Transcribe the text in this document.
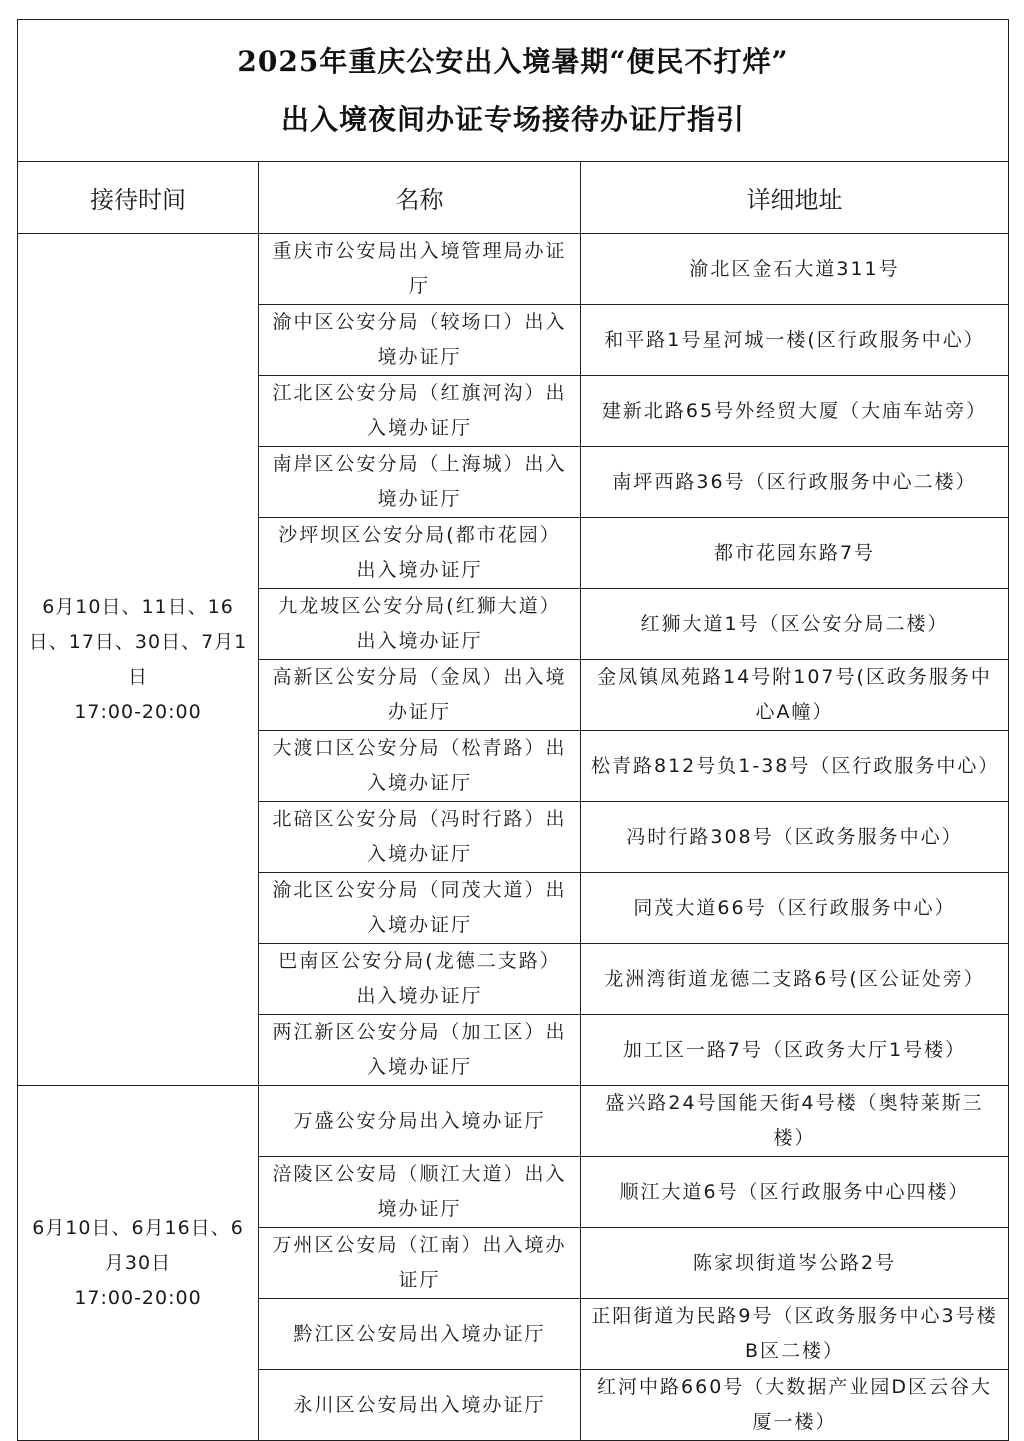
2025年重庆公安出入境暑期“便民不打烊”
出入境夜间办证专场接待办证厅指引		

接待时间	名称	详细地址

6月10日、11日、16日、17日、30日、7月1日
17:00-20:00	重庆市公安局出入境管理局办证厅	渝北区金石大道311号
	渝中区公安分局（较场口）出入境办证厅	和平路1号星河城一楼(区行政服务中心）
	江北区公安分局（红旗河沟）出入境办证厅	建新北路65号外经贸大厦（大庙车站旁）
	南岸区公安分局（上海城）出入境办证厅	南坪西路36号（区行政服务中心二楼）
	沙坪坝区公安分局(都市花园）出入境办证厅	都市花园东路7号
	九龙坡区公安分局(红狮大道）出入境办证厅	红狮大道1号（区公安分局二楼）
	高新区公安分局（金凤）出入境办证厅	金凤镇凤苑路14号附107号(区政务服务中心A幢）
	大渡口区公安分局（松青路）出入境办证厅	松青路812号负1-38号（区行政服务中心）
	北碚区公安分局（冯时行路）出入境办证厅	冯时行路308号（区政务服务中心）
	渝北区公安分局（同茂大道）出入境办证厅	同茂大道66号（区行政服务中心）
	巴南区公安分局(龙德二支路）出入境办证厅	龙洲湾街道龙德二支路6号(区公证处旁）
	两江新区公安分局（加工区）出入境办证厅	加工区一路7号（区政务大厅1号楼）

6月10日、6月16日、6月30日
17:00-20:00	万盛公安分局出入境办证厅	盛兴路24号国能天街4号楼（奥特莱斯三楼）
	涪陵区公安局（顺江大道）出入境办证厅	顺江大道6号（区行政服务中心四楼）
	万州区公安局（江南）出入境办证厅	陈家坝街道岑公路2号
	黔江区公安局出入境办证厅	正阳街道为民路9号（区政务服务中心3号楼B区二楼）
	永川区公安局出入境办证厅	红河中路660号（大数据产业园D区云谷大厦一楼）
